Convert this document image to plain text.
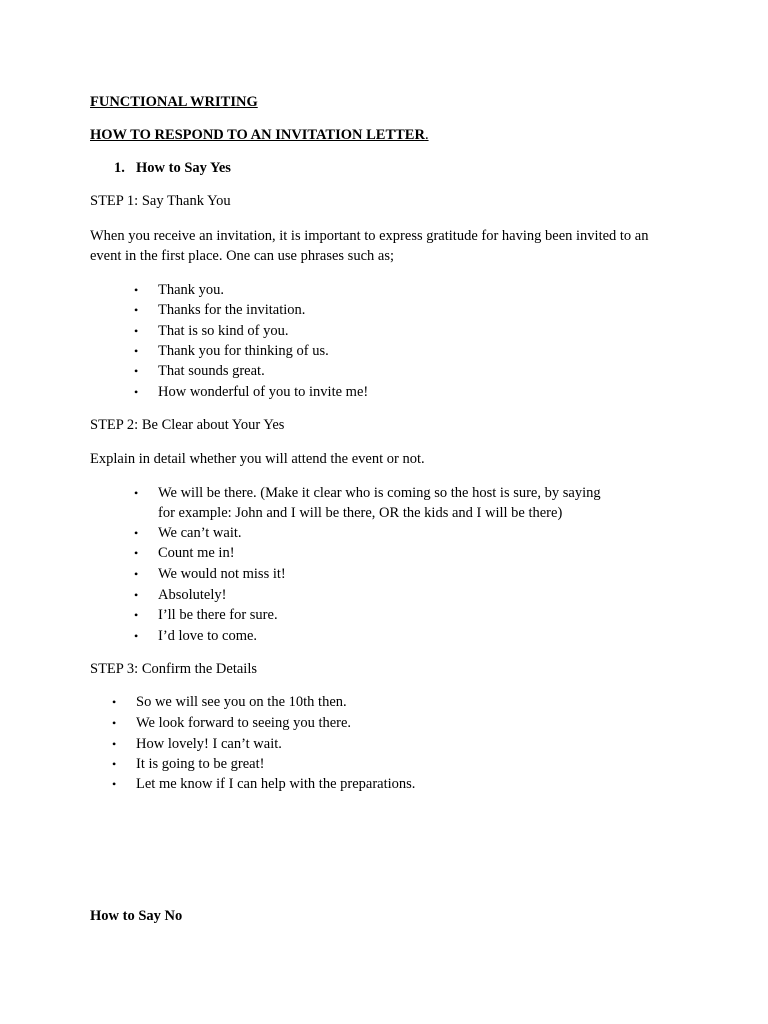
FUNCTIONAL WRITING
HOW TO RESPOND TO AN INVITATION LETTER.
1. How to Say Yes
STEP 1: Say Thank You
When you receive an invitation, it is important to express gratitude for having been invited to an
event in the first place. One can use phrases such as;
• Thank you.
• Thanks for the invitation.
• That is so kind of you.
• Thank you for thinking of us.
• That sounds great.
• How wonderful of you to invite me!
STEP 2: Be Clear about Your Yes
Explain in detail whether you will attend the event or not.
• We will be there. (Make it clear who is coming so the host is sure, by saying
for example: John and I will be there, OR the kids and I will be there)
• We can’t wait.
• Count me in!
• We would not miss it!
• Absolutely!
• I’ll be there for sure.
• I’d love to come.
STEP 3: Confirm the Details
• So we will see you on the 10th then.
• We look forward to seeing you there.
• How lovely! I can’t wait.
• It is going to be great!
• Let me know if I can help with the preparations.
How to Say No
